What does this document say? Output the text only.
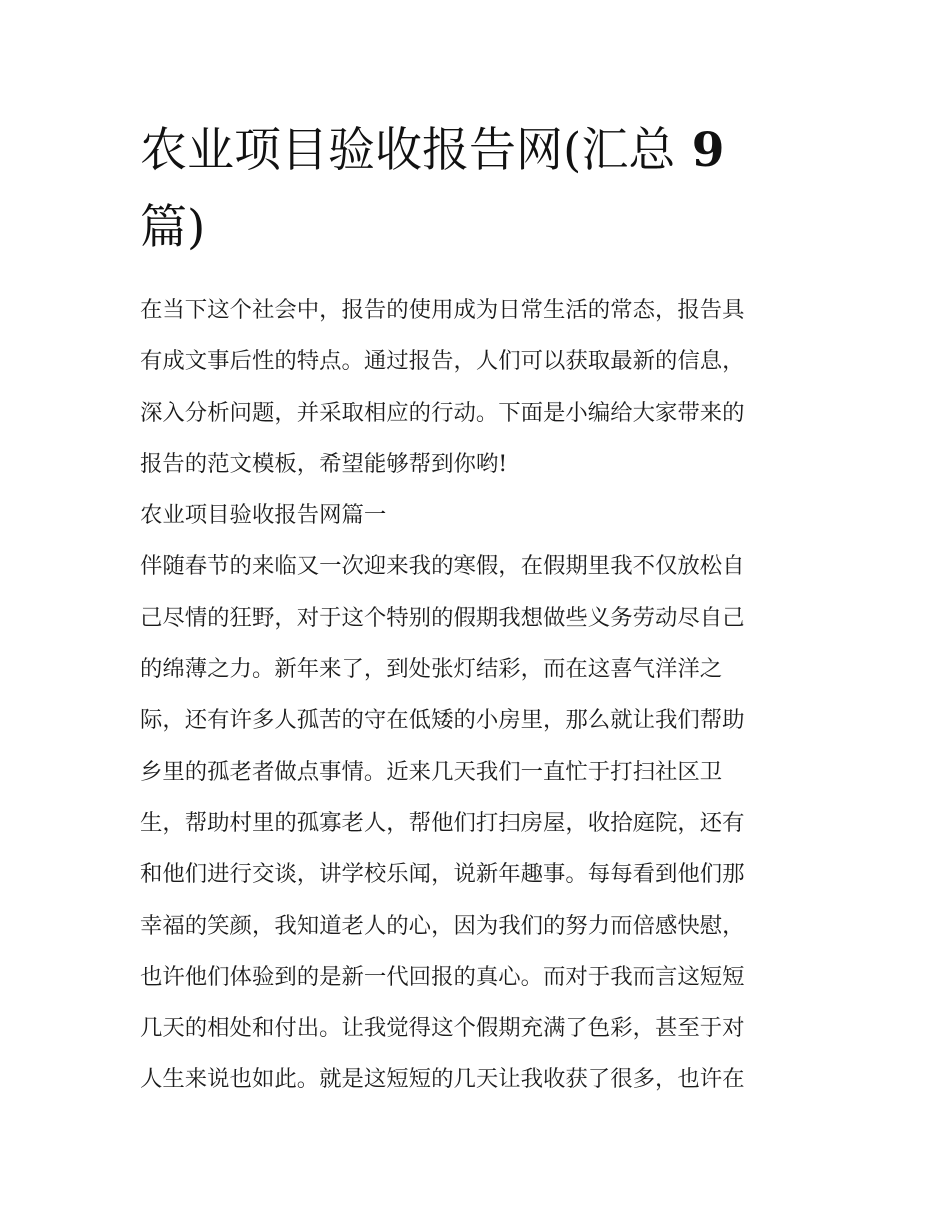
农业项目验收报告网(汇总 9
篇)

在当下这个社会中，报告的使用成为日常生活的常态，报告具
有成文事后性的特点。通过报告，人们可以获取最新的信息，
深入分析问题，并采取相应的行动。下面是小编给大家带来的
报告的范文模板，希望能够帮到你哟!

农业项目验收报告网篇一

伴随春节的来临又一次迎来我的寒假，在假期里我不仅放松自
己尽情的狂野，对于这个特别的假期我想做些义务劳动尽自己
的绵薄之力。新年来了，到处张灯结彩，而在这喜气洋洋之
际，还有许多人孤苦的守在低矮的小房里，那么就让我们帮助
乡里的孤老者做点事情。近来几天我们一直忙于打扫社区卫
生，帮助村里的孤寡老人，帮他们打扫房屋，收拾庭院，还有
和他们进行交谈，讲学校乐闻，说新年趣事。每每看到他们那
幸福的笑颜，我知道老人的心，因为我们的努力而倍感快慰，
也许他们体验到的是新一代回报的真心。而对于我而言这短短
几天的相处和付出。让我觉得这个假期充满了色彩，甚至于对
人生来说也如此。就是这短短的几天让我收获了很多，也许在
